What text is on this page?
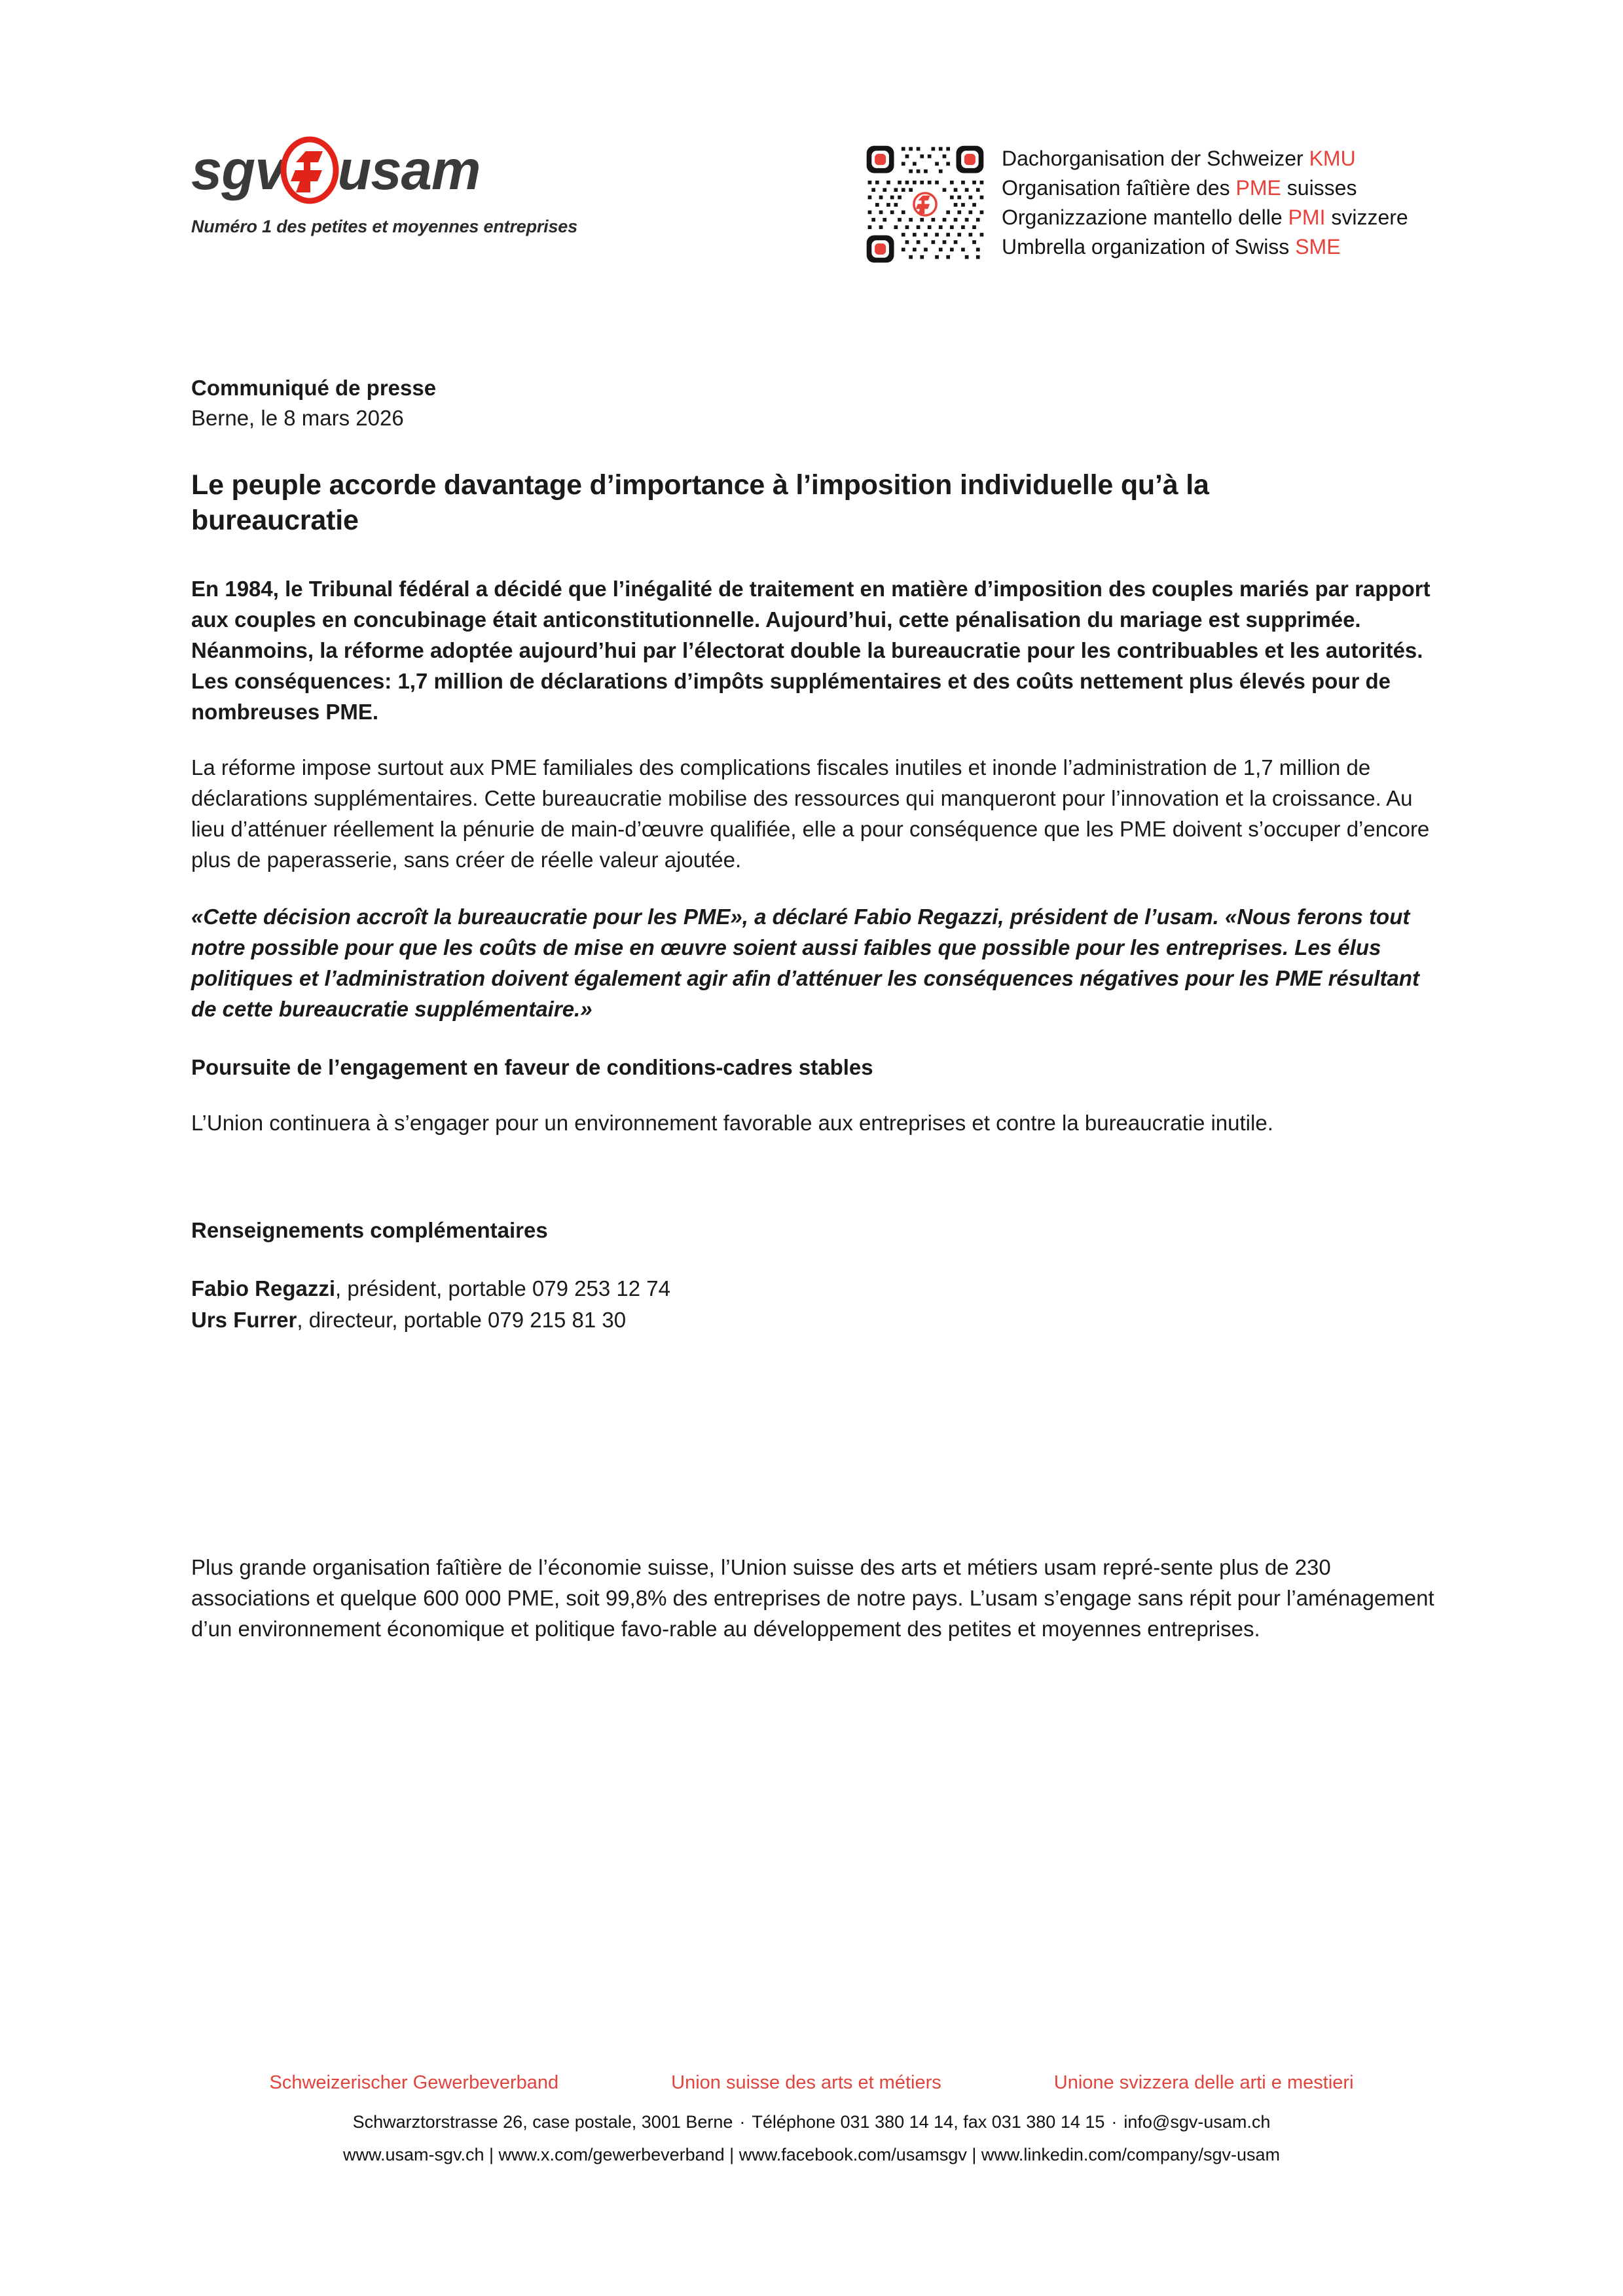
sgv usam
Numéro 1 des petites et moyennes entreprises
Dachorganisation der Schweizer KMU
Organisation faîtière des PME suisses
Organizzazione mantello delle PMI svizzere
Umbrella organization of Swiss SME
Communiqué de presse
Berne, le 8 mars 2026
Le peuple accorde davantage d’importance à l’imposition individuelle qu’à la bureaucratie

En 1984, le Tribunal fédéral a décidé que l’inégalité de traitement en matière d’imposition des couples mariés par rapport aux couples en concubinage était anticonstitutionnelle. Aujourd’hui, cette pénalisation du mariage est supprimée. Néanmoins, la réforme adoptée aujourd’hui par l’électorat double la bureaucratie pour les contribuables et les autorités. Les conséquences: 1,7 million de déclarations d’impôts supplémentaires et des coûts nettement plus élevés pour de nombreuses PME.

La réforme impose surtout aux PME familiales des complications fiscales inutiles et inonde l’administration de 1,7 million de déclarations supplémentaires. Cette bureaucratie mobilise des ressources qui manqueront pour l’innovation et la croissance. Au lieu d’atténuer réellement la pénurie de main-d’œuvre qualifiée, elle a pour conséquence que les PME doivent s’occuper d’encore plus de paperasserie, sans créer de réelle valeur ajoutée.

«Cette décision accroît la bureaucratie pour les PME», a déclaré Fabio Regazzi, président de l’usam. «Nous ferons tout notre possible pour que les coûts de mise en œuvre soient aussi faibles que possible pour les entreprises. Les élus politiques et l’administration doivent également agir afin d’atténuer les conséquences négatives pour les PME résultant de cette bureaucratie supplémentaire.»

Poursuite de l’engagement en faveur de conditions-cadres stables

L’Union continuera à s’engager pour un environnement favorable aux entreprises et contre la bureaucratie inutile.

Renseignements complémentaires
Fabio Regazzi, président, portable 079 253 12 74
Urs Furrer, directeur, portable 079 215 81 30

Plus grande organisation faîtière de l’économie suisse, l’Union suisse des arts et métiers usam repré-sente plus de 230 associations et quelque 600 000 PME, soit 99,8% des entreprises de notre pays. L’usam s’engage sans répit pour l’aménagement d’un environnement économique et politique favo-rable au développement des petites et moyennes entreprises.

Schweizerischer Gewerbeverband	Union suisse des arts et métiers	Unione svizzera delle arti e mestieri
Schwarztorstrasse 26, case postale, 3001 Berne · Téléphone 031 380 14 14, fax 031 380 14 15 · info@sgv-usam.ch
www.usam-sgv.ch | www.x.com/gewerbeverband | www.facebook.com/usamsgv | www.linkedin.com/company/sgv-usam
